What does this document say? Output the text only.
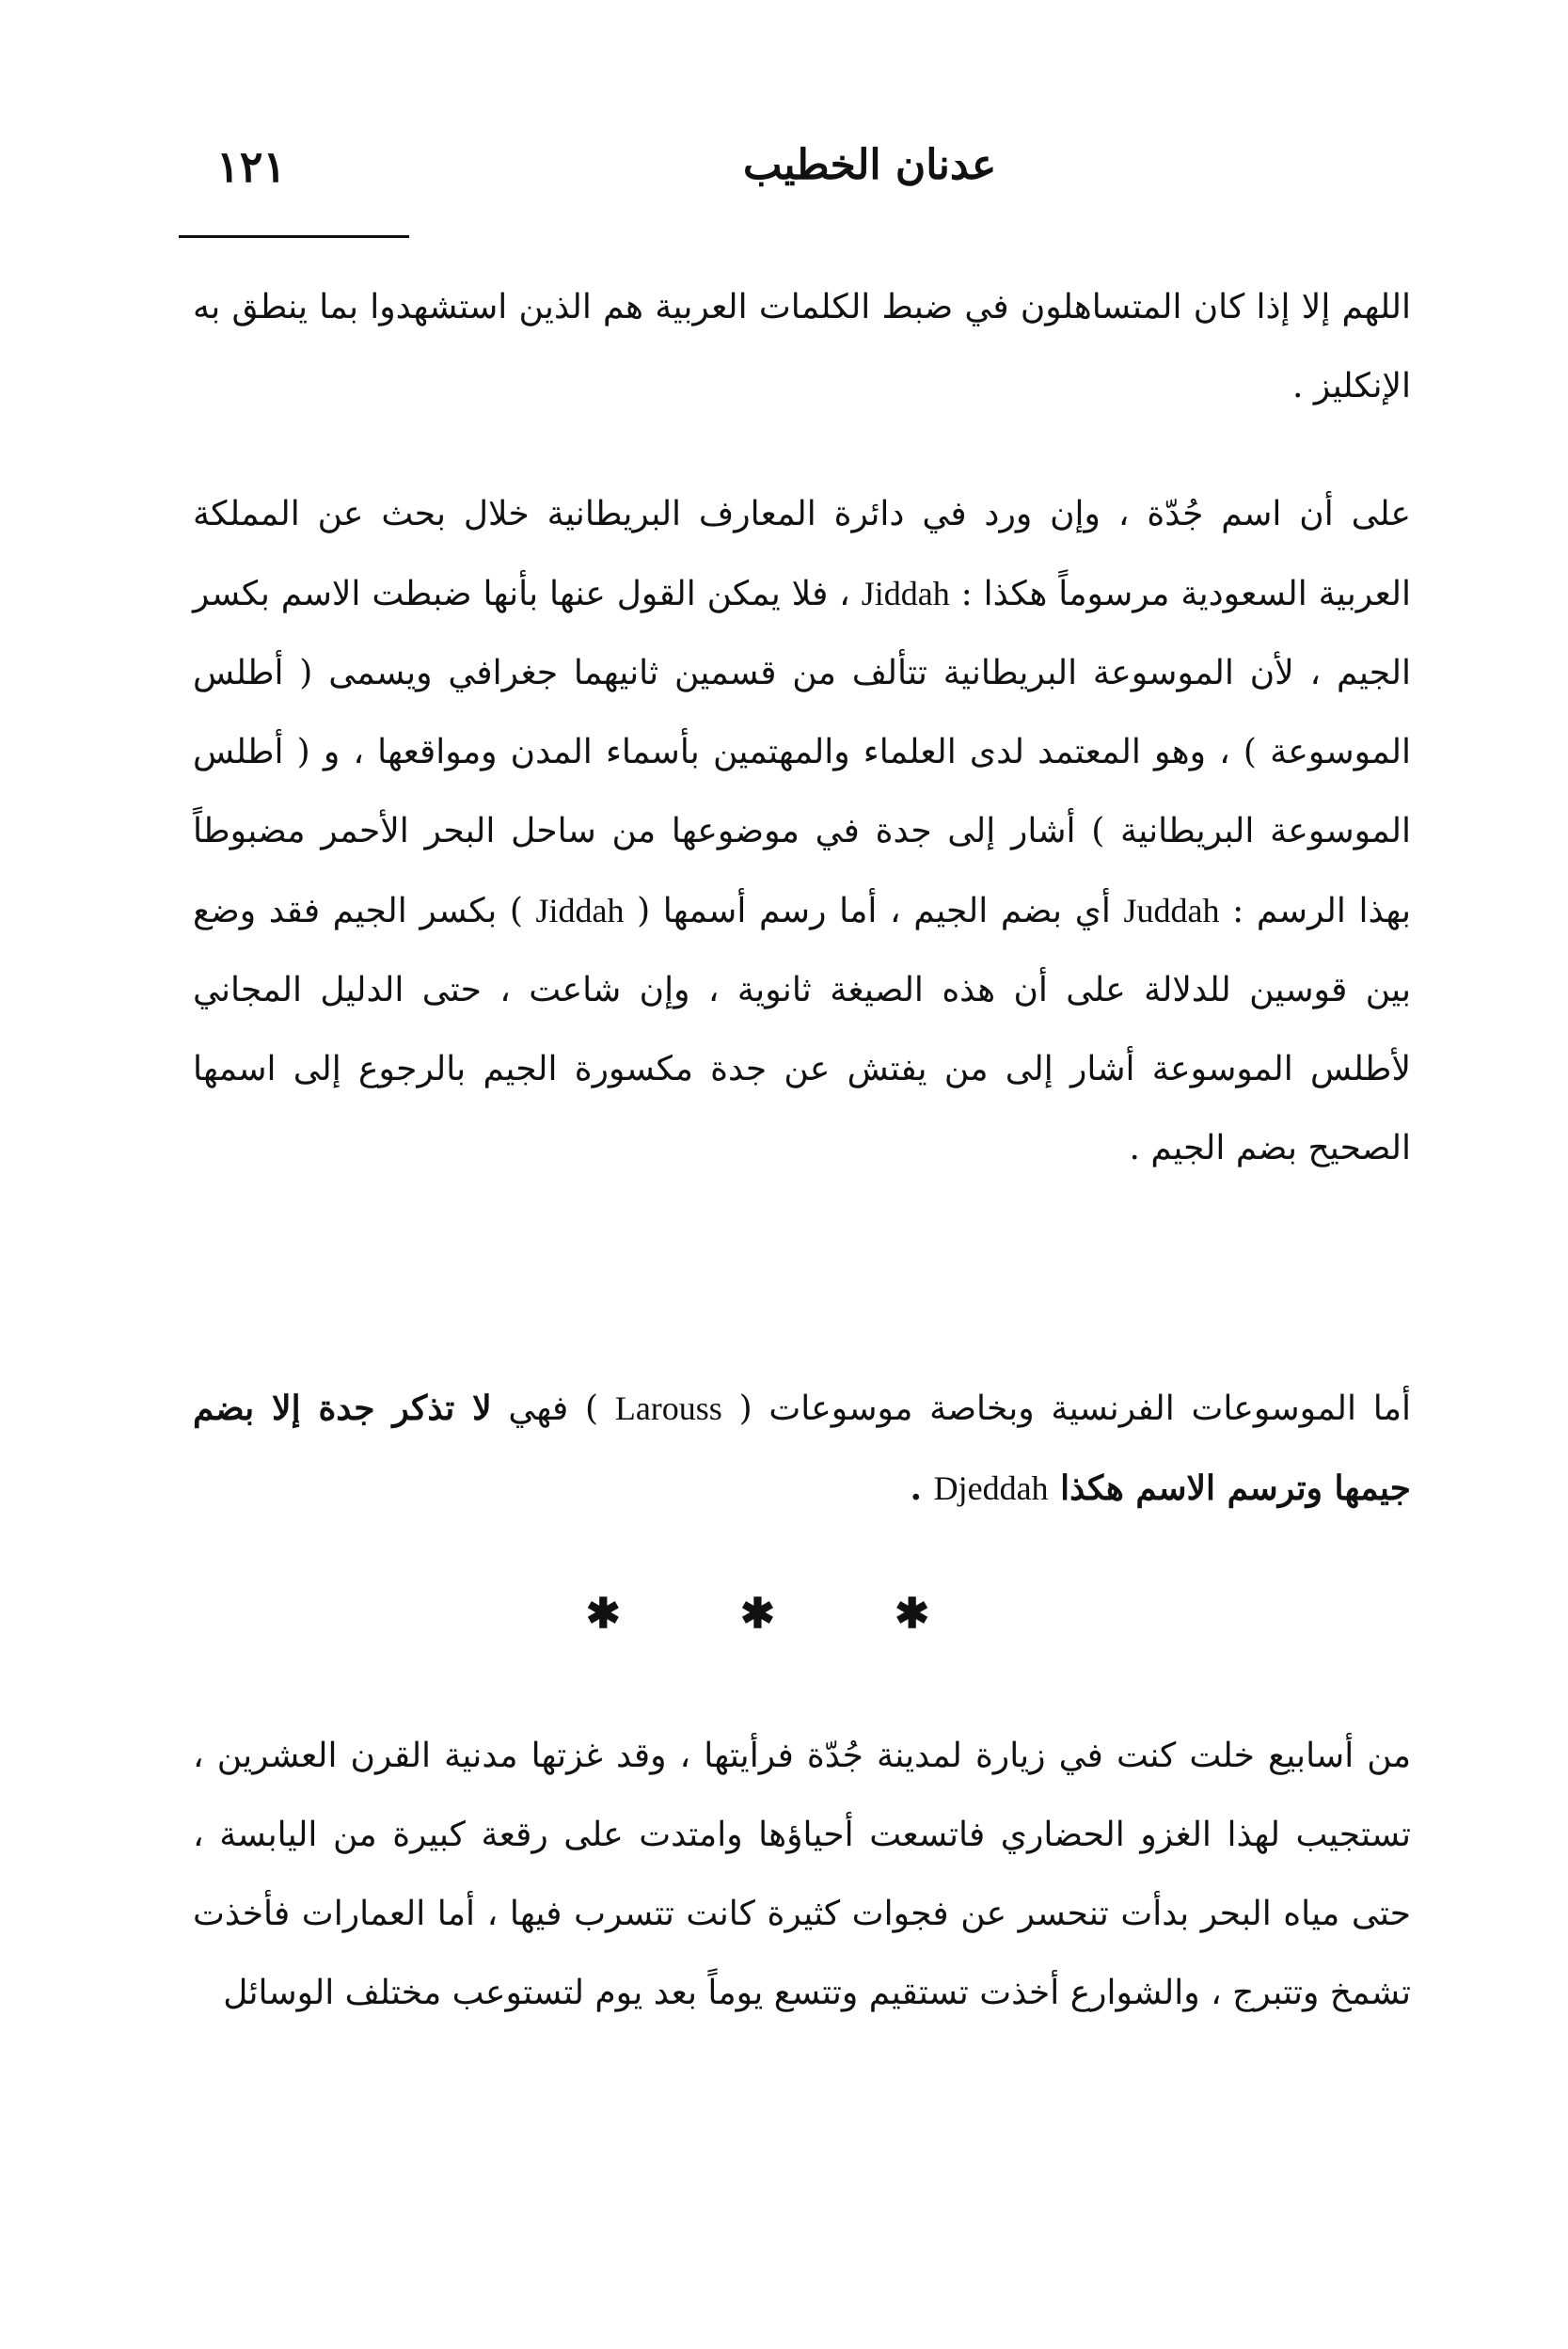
١٢١	عدنان الخطيب

اللهم إلا إذا كان المتساهلون في ضبط الكلمات العربية هم الذين استشهدوا بما ينطق به الإنكليز .

على أن اسم جُدّة ، وإن ورد في دائرة المعارف البريطانية خلال بحث عن المملكة العربية السعودية مرسوماً هكذا : Jiddah ، فلا يمكن القول عنها بأنها ضبطت الاسم بكسر الجيم ، لأن الموسوعة البريطانية تتألف من قسمين ثانيهما جغرافي ويسمى ( أطلس الموسوعة ) ، وهو المعتمد لدى العلماء والمهتمين بأسماء المدن ومواقعها ، و ( أطلس الموسوعة البريطانية ) أشار إلى جدة في موضوعها من ساحل البحر الأحمر مضبوطاً بهذا الرسم : Juddah أي بضم الجيم ، أما رسم أسمها ( Jiddah ) بكسر الجيم فقد وضع بين قوسين للدلالة على أن هذه الصيغة ثانوية ، وإن شاعت ، حتى الدليل المجاني لأطلس الموسوعة أشار إلى من يفتش عن جدة مكسورة الجيم بالرجوع إلى اسمها الصحيح بضم الجيم .

أما الموسوعات الفرنسية وبخاصة موسوعات ( Larouss ) فهي لا تذكر جدة إلا بضم جيمها وترسم الاسم هكذا Djeddah .

✱ ✱ ✱

من أسابيع خلت كنت في زيارة لمدينة جُدّة فرأيتها ، وقد غزتها مدنية القرن العشرين ، تستجيب لهذا الغزو الحضاري فاتسعت أحياؤها وامتدت على رقعة كبيرة من اليابسة ، حتى مياه البحر بدأت تنحسر عن فجوات كثيرة كانت تتسرب فيها ، أما العمارات فأخذت تشمخ وتتبرج ، والشوارع أخذت تستقيم وتتسع يوماً بعد يوم لتستوعب مختلف الوسائل
